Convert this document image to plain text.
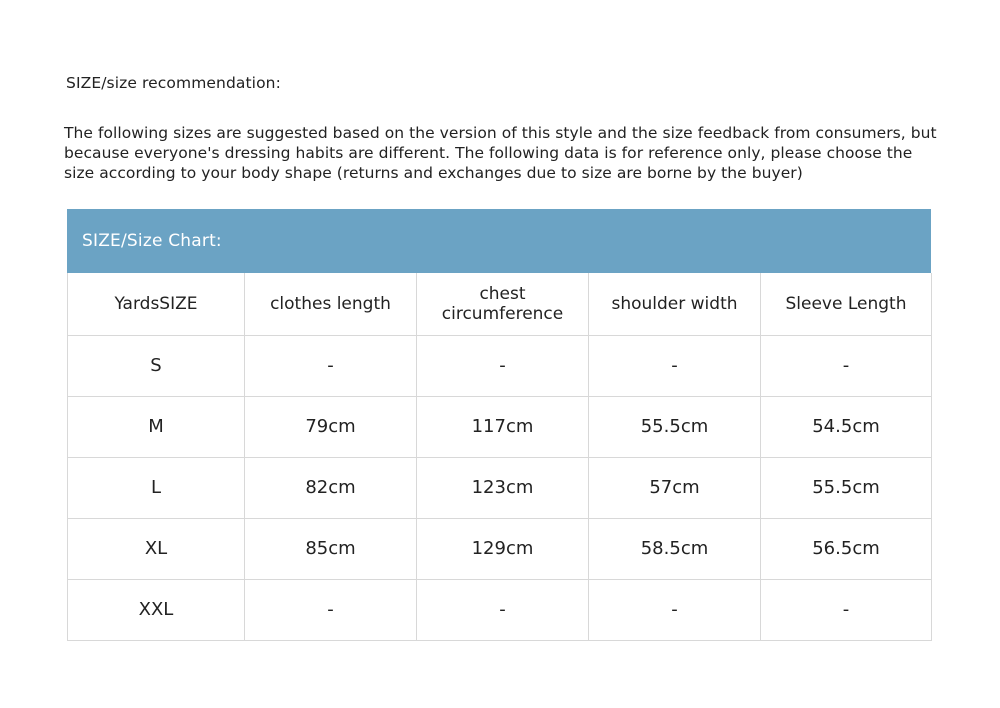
SIZE/size recommendation:

The following sizes are suggested based on the version of this style and the size feedback from consumers, but because everyone's dressing habits are different. The following data is for reference only, please choose the size according to your body shape (returns and exchanges due to size are borne by the buyer)

SIZE/Size Chart:
YardsSIZE	clothes length	chest circumference	shoulder width	Sleeve Length
S	-	-	-	-
M	79cm	117cm	55.5cm	54.5cm
L	82cm	123cm	57cm	55.5cm
XL	85cm	129cm	58.5cm	56.5cm
XXL	-	-	-	-
